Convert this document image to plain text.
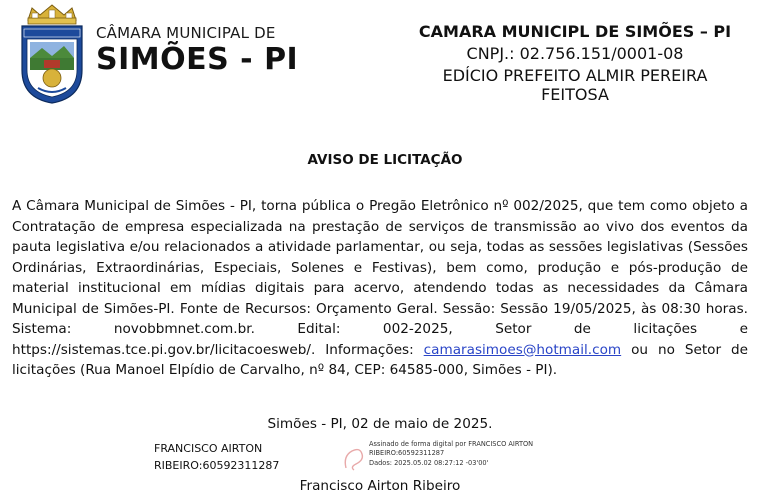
CÂMARA MUNICIPAL DE
SIMÕES - PI
CAMARA MUNICIPL DE SIMÕES – PI
CNPJ.: 02.756.151/0001-08
EDÍCIO PREFEITO ALMIR PEREIRA FEITOSA
AVISO DE LICITAÇÃO
A Câmara Municipal de Simões - PI, torna pública o Pregão Eletrônico nº 002/2025, que tem como objeto a Contratação de empresa especializada na prestação de serviços de transmissão ao vivo dos eventos da pauta legislativa e/ou relacionados a atividade parlamentar, ou seja, todas as sessões legislativas (Sessões Ordinárias, Extraordinárias, Especiais, Solenes e Festivas), bem como, produção e pós-produção de material institucional em mídias digitais para acervo, atendendo todas as necessidades da Câmara Municipal de Simões-PI. Fonte de Recursos: Orçamento Geral. Sessão: Sessão 19/05/2025, às 08:30 horas. Sistema: novobbmnet.com.br. Edital: 002-2025, Setor de licitações e https://sistemas.tce.pi.gov.br/licitacoesweb/. Informações: camarasimoes@hotmail.com ou no Setor de licitações (Rua Manoel Elpídio de Carvalho, nº 84, CEP: 64585-000, Simões - PI).
Simões - PI, 02 de maio de 2025.
FRANCISCO AIRTON
RIBEIRO:60592311287
Assinado de forma digital por FRANCISCO AIRTON
RIBEIRO:60592311287
Dados: 2025.05.02 08:27:12 -03'00'
Francisco Airton Ribeiro
